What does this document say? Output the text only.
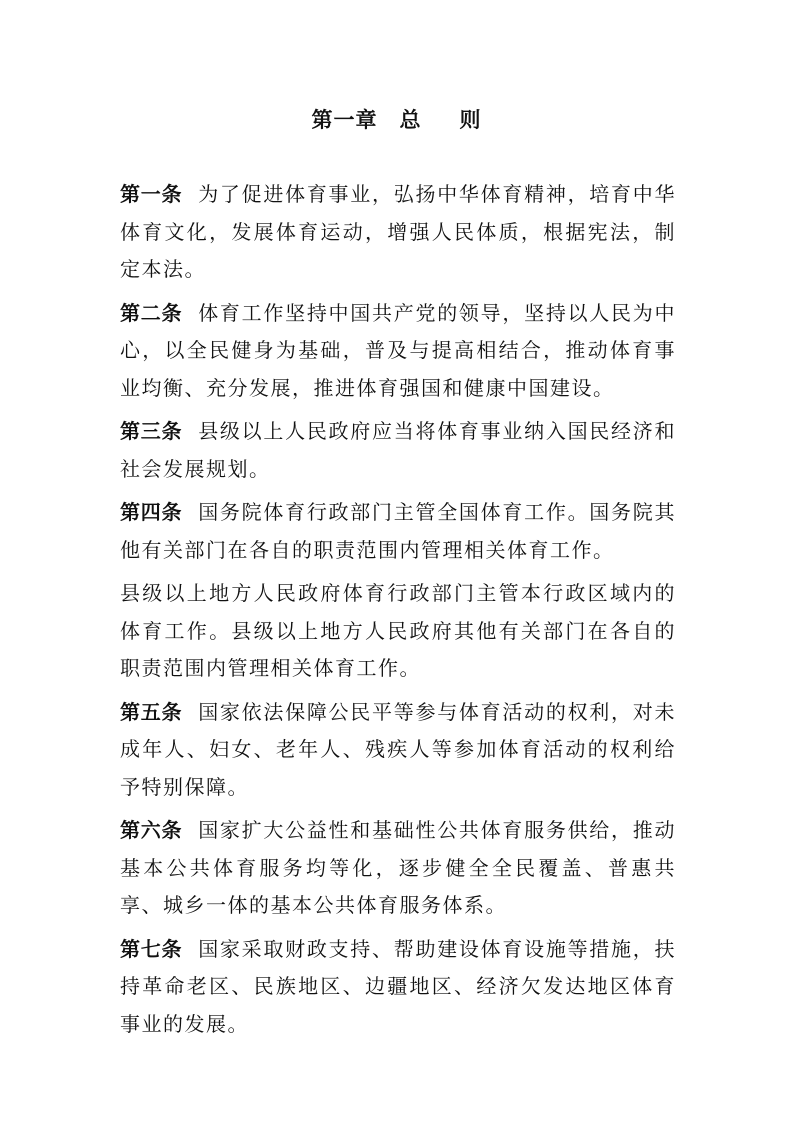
第一章 总 则

第一条 为了促进体育事业，弘扬中华体育精神，培育中华体育文化，发展体育运动，增强人民体质，根据宪法，制定本法。

第二条 体育工作坚持中国共产党的领导，坚持以人民为中心，以全民健身为基础，普及与提高相结合，推动体育事业均衡、充分发展，推进体育强国和健康中国建设。

第三条 县级以上人民政府应当将体育事业纳入国民经济和社会发展规划。

第四条 国务院体育行政部门主管全国体育工作。国务院其他有关部门在各自的职责范围内管理相关体育工作。

县级以上地方人民政府体育行政部门主管本行政区域内的体育工作。县级以上地方人民政府其他有关部门在各自的职责范围内管理相关体育工作。

第五条 国家依法保障公民平等参与体育活动的权利，对未成年人、妇女、老年人、残疾人等参加体育活动的权利给予特别保障。

第六条 国家扩大公益性和基础性公共体育服务供给，推动基本公共体育服务均等化，逐步健全全民覆盖、普惠共享、城乡一体的基本公共体育服务体系。

第七条 国家采取财政支持、帮助建设体育设施等措施，扶持革命老区、民族地区、边疆地区、经济欠发达地区体育事业的发展。
